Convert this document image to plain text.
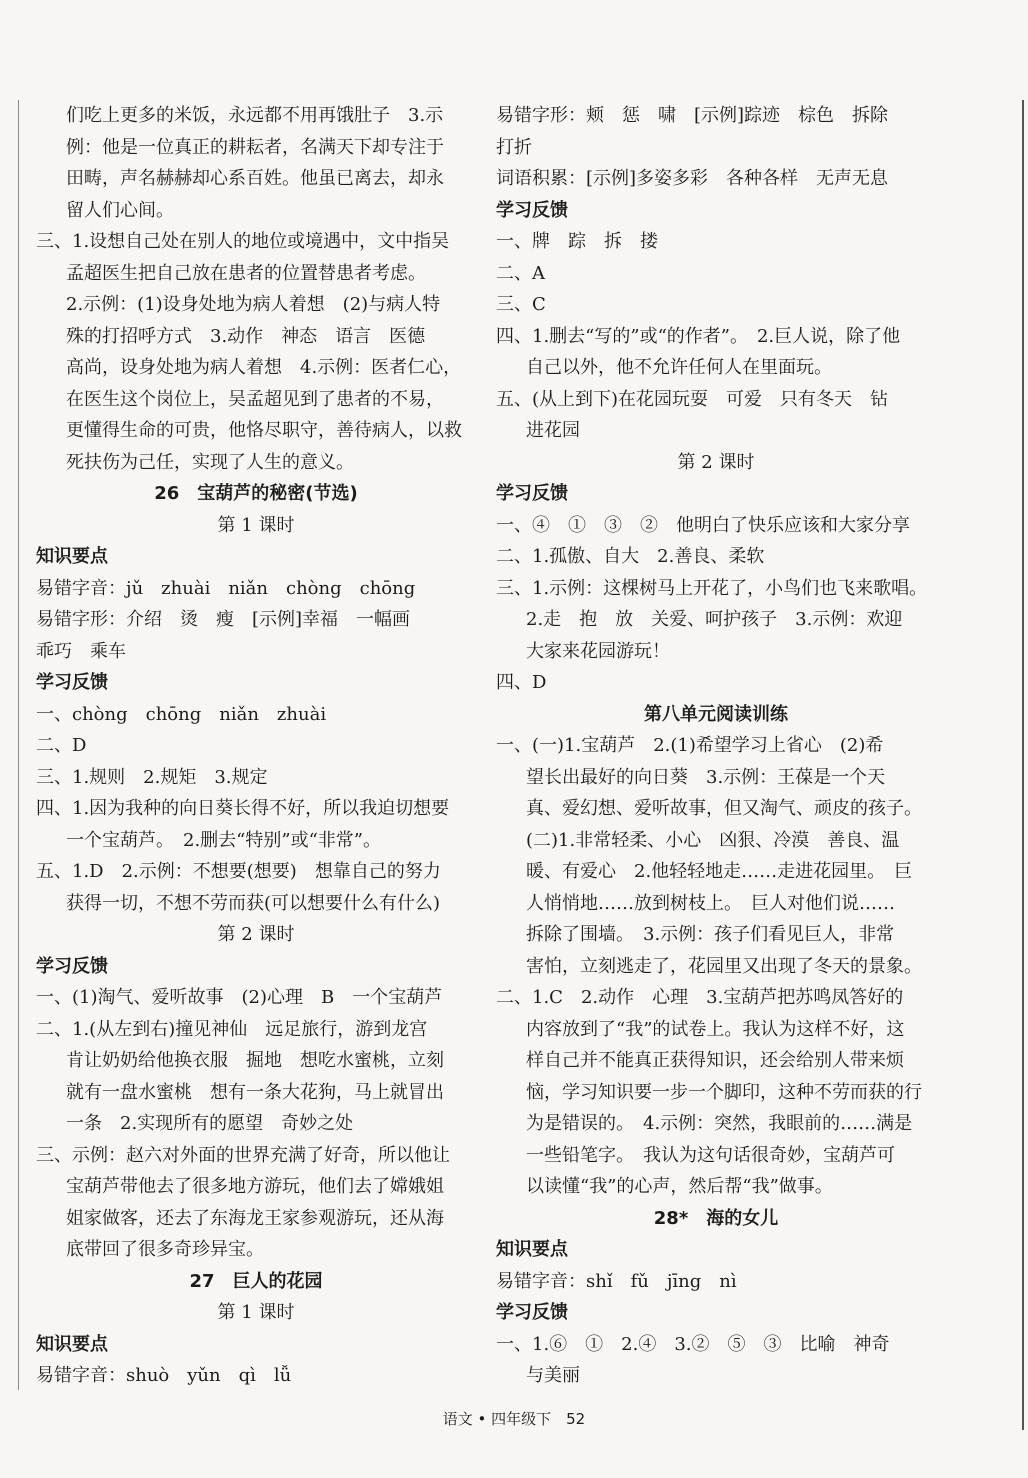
们吃上更多的米饭，永远都不用再饿肚子　3.示
例：他是一位真正的耕耘者，名满天下却专注于
田畴，声名赫赫却心系百姓。他虽已离去，却永
留人们心间。
三、1.设想自己处在别人的地位或境遇中，文中指吴
孟超医生把自己放在患者的位置替患者考虑。
2.示例：(1)设身处地为病人着想　(2)与病人特
殊的打招呼方式　3.动作　神态　语言　医德
高尚，设身处地为病人着想　4.示例：医者仁心，
在医生这个岗位上，吴孟超见到了患者的不易，
更懂得生命的可贵，他恪尽职守，善待病人，以救
死扶伤为己任，实现了人生的意义。
26　宝葫芦的秘密(节选)
第 1 课时
知识要点
易错字音：jǔ　zhuài　niǎn　chòng　chōng
易错字形：介绍　烫　瘦　[示例]幸福　一幅画
乖巧　乘车
学习反馈
一、chòng　chōng　niǎn　zhuài
二、D
三、1.规则　2.规矩　3.规定
四、1.因为我种的向日葵长得不好，所以我迫切想要
一个宝葫芦。　2.删去“特别”或“非常”。
五、1.D　2.示例：不想要(想要)　想靠自己的努力
获得一切，不想不劳而获(可以想要什么有什么)
第 2 课时
学习反馈
一、(1)淘气、爱听故事　(2)心理　B　一个宝葫芦
二、1.(从左到右)撞见神仙　远足旅行，游到龙宫
肯让奶奶给他换衣服　掘地　想吃水蜜桃，立刻
就有一盘水蜜桃　想有一条大花狗，马上就冒出
一条　2.实现所有的愿望　奇妙之处
三、示例：赵六对外面的世界充满了好奇，所以他让
宝葫芦带他去了很多地方游玩，他们去了嫦娥姐
姐家做客，还去了东海龙王家参观游玩，还从海
底带回了很多奇珍异宝。
27　巨人的花园
第 1 课时
知识要点
易错字音：shuò　yǔn　qì　lǚ
易错字形：颊　惩　啸　[示例]踪迹　棕色　拆除
打折
词语积累：[示例]多姿多彩　各种各样　无声无息
学习反馈
一、牌　踪　拆　搂
二、A
三、C
四、1.删去“写的”或“的作者”。　2.巨人说，除了他
自己以外，他不允许任何人在里面玩。
五、(从上到下)在花园玩耍　可爱　只有冬天　钻
进花园
第 2 课时
学习反馈
一、④　①　③　②　他明白了快乐应该和大家分享
二、1.孤傲、自大　2.善良、柔软
三、1.示例：这棵树马上开花了，小鸟们也飞来歌唱。
2.走　抱　放　关爱、呵护孩子　3.示例：欢迎
大家来花园游玩！
四、D
第八单元阅读训练
一、(一)1.宝葫芦　2.(1)希望学习上省心　(2)希
望长出最好的向日葵　3.示例：王葆是一个天
真、爱幻想、爱听故事，但又淘气、顽皮的孩子。
(二)1.非常轻柔、小心　凶狠、冷漠　善良、温
暖、有爱心　2.他轻轻地走……走进花园里。　巨
人悄悄地……放到树枝上。　巨人对他们说……
拆除了围墙。　3.示例：孩子们看见巨人，非常
害怕，立刻逃走了，花园里又出现了冬天的景象。
二、1.C　2.动作　心理　3.宝葫芦把苏鸣凤答好的
内容放到了“我”的试卷上。我认为这样不好，这
样自己并不能真正获得知识，还会给别人带来烦
恼，学习知识要一步一个脚印，这种不劳而获的行
为是错误的。　4.示例：突然，我眼前的……满是
一些铅笔字。　我认为这句话很奇妙，宝葫芦可
以读懂“我”的心声，然后帮“我”做事。
28*　海的女儿
知识要点
易错字音：shǐ　fǔ　jīng　nì
学习反馈
一、1.⑥　①　2.④　3.②　⑤　③　比喻　神奇
与美丽
语文 • 四年级下　52
